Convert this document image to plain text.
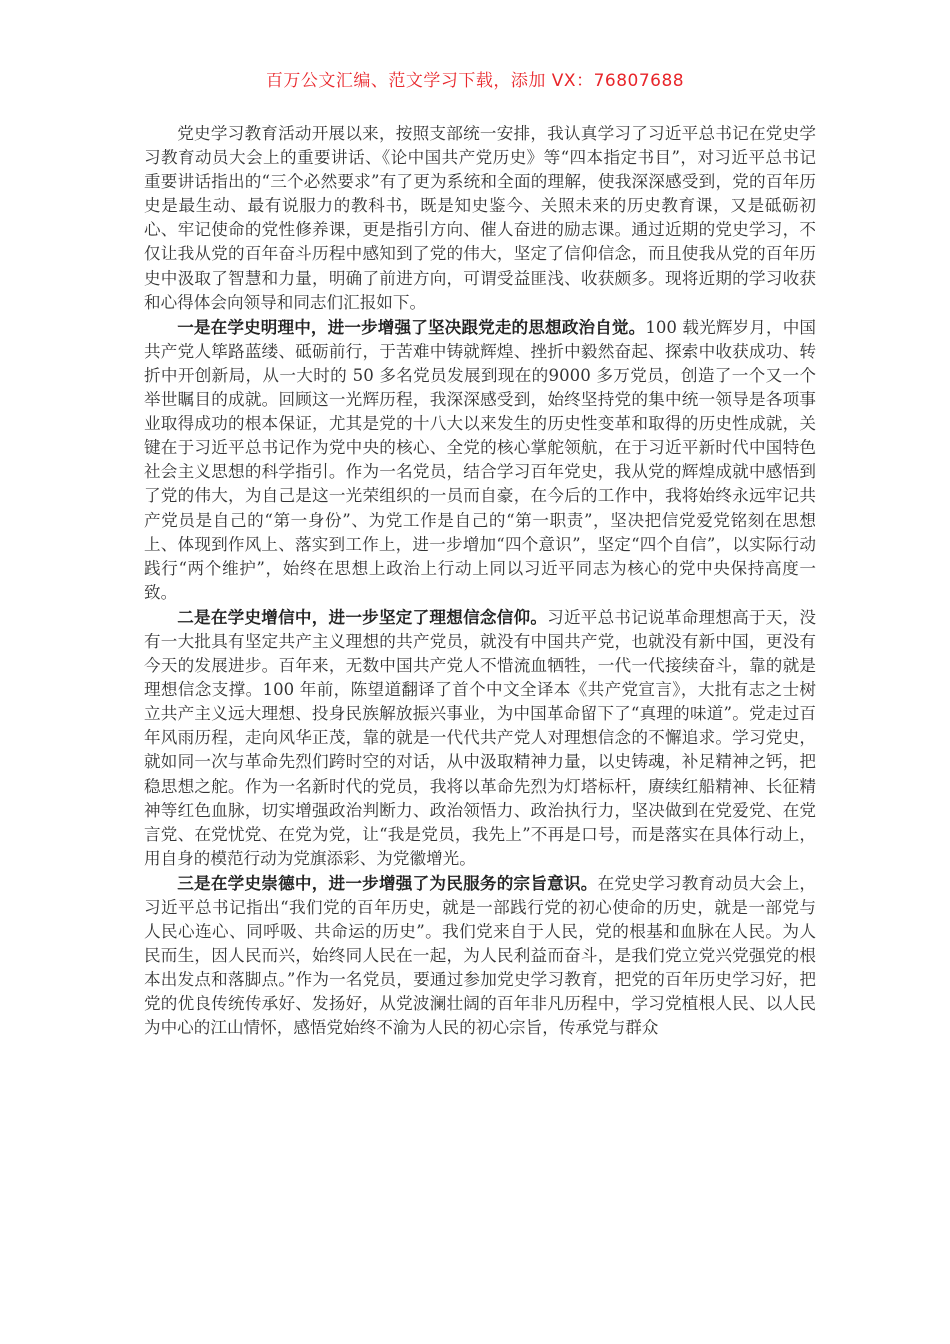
百万公文汇编、范文学习下载，添加 VX：76807688

党史学习教育活动开展以来，按照支部统一安排，我认真学习了习近平总书记在党史学习教育动员大会上的重要讲话、《论中国共产党历史》等“四本指定书目”，对习近平总书记重要讲话指出的“三个必然要求”有了更为系统和全面的理解，使我深深感受到，党的百年历史是最生动、最有说服力的教科书，既是知史鉴今、关照未来的历史教育课，又是砥砺初心、牢记使命的党性修养课，更是指引方向、催人奋进的励志课。通过近期的党史学习，不仅让我从党的百年奋斗历程中感知到了党的伟大，坚定了信仰信念，而且使我从党的百年历史中汲取了智慧和力量，明确了前进方向，可谓受益匪浅、收获颇多。现将近期的学习收获和心得体会向领导和同志们汇报如下。

一是在学史明理中，进一步增强了坚决跟党走的思想政治自觉。100 载光辉岁月，中国共产党人筚路蓝缕、砥砺前行，于苦难中铸就辉煌、挫折中毅然奋起、探索中收获成功、转折中开创新局，从一大时的 50 多名党员发展到现在的9000 多万党员，创造了一个又一个举世瞩目的成就。回顾这一光辉历程，我深深感受到，始终坚持党的集中统一领导是各项事业取得成功的根本保证，尤其是党的十八大以来发生的历史性变革和取得的历史性成就，关键在于习近平总书记作为党中央的核心、全党的核心掌舵领航，在于习近平新时代中国特色社会主义思想的科学指引。作为一名党员，结合学习百年党史，我从党的辉煌成就中感悟到了党的伟大，为自己是这一光荣组织的一员而自豪，在今后的工作中，我将始终永远牢记共产党员是自己的“第一身份”、为党工作是自己的“第一职责”，坚决把信党爱党铭刻在思想上、体现到作风上、落实到工作上，进一步增加“四个意识”，坚定“四个自信”，以实际行动践行“两个维护”，始终在思想上政治上行动上同以习近平同志为核心的党中央保持高度一致。

二是在学史增信中，进一步坚定了理想信念信仰。习近平总书记说革命理想高于天，没有一大批具有坚定共产主义理想的共产党员，就没有中国共产党，也就没有新中国，更没有今天的发展进步。百年来，无数中国共产党人不惜流血牺牲，一代一代接续奋斗，靠的就是理想信念支撑。100 年前，陈望道翻译了首个中文全译本《共产党宣言》，大批有志之士树立共产主义远大理想、投身民族解放振兴事业，为中国革命留下了“真理的味道”。党走过百年风雨历程，走向风华正茂，靠的就是一代代共产党人对理想信念的不懈追求。学习党史，就如同一次与革命先烈们跨时空的对话，从中汲取精神力量，以史铸魂，补足精神之钙，把稳思想之舵。作为一名新时代的党员，我将以革命先烈为灯塔标杆，赓续红船精神、长征精神等红色血脉，切实增强政治判断力、政治领悟力、政治执行力，坚决做到在党爱党、在党言党、在党忧党、在党为党，让“我是党员，我先上”不再是口号，而是落实在具体行动上，用自身的模范行动为党旗添彩、为党徽增光。

三是在学史崇德中，进一步增强了为民服务的宗旨意识。在党史学习教育动员大会上，习近平总书记指出“我们党的百年历史，就是一部践行党的初心使命的历史，就是一部党与人民心连心、同呼吸、共命运的历史”。我们党来自于人民，党的根基和血脉在人民。为人民而生，因人民而兴，始终同人民在一起，为人民利益而奋斗，是我们党立党兴党强党的根本出发点和落脚点。”作为一名党员，要通过参加党史学习教育，把党的百年历史学习好，把党的优良传统传承好、发扬好，从党波澜壮阔的百年非凡历程中，学习党植根人民、以人民为中心的江山情怀，感悟党始终不渝为人民的初心宗旨，传承党与群众
